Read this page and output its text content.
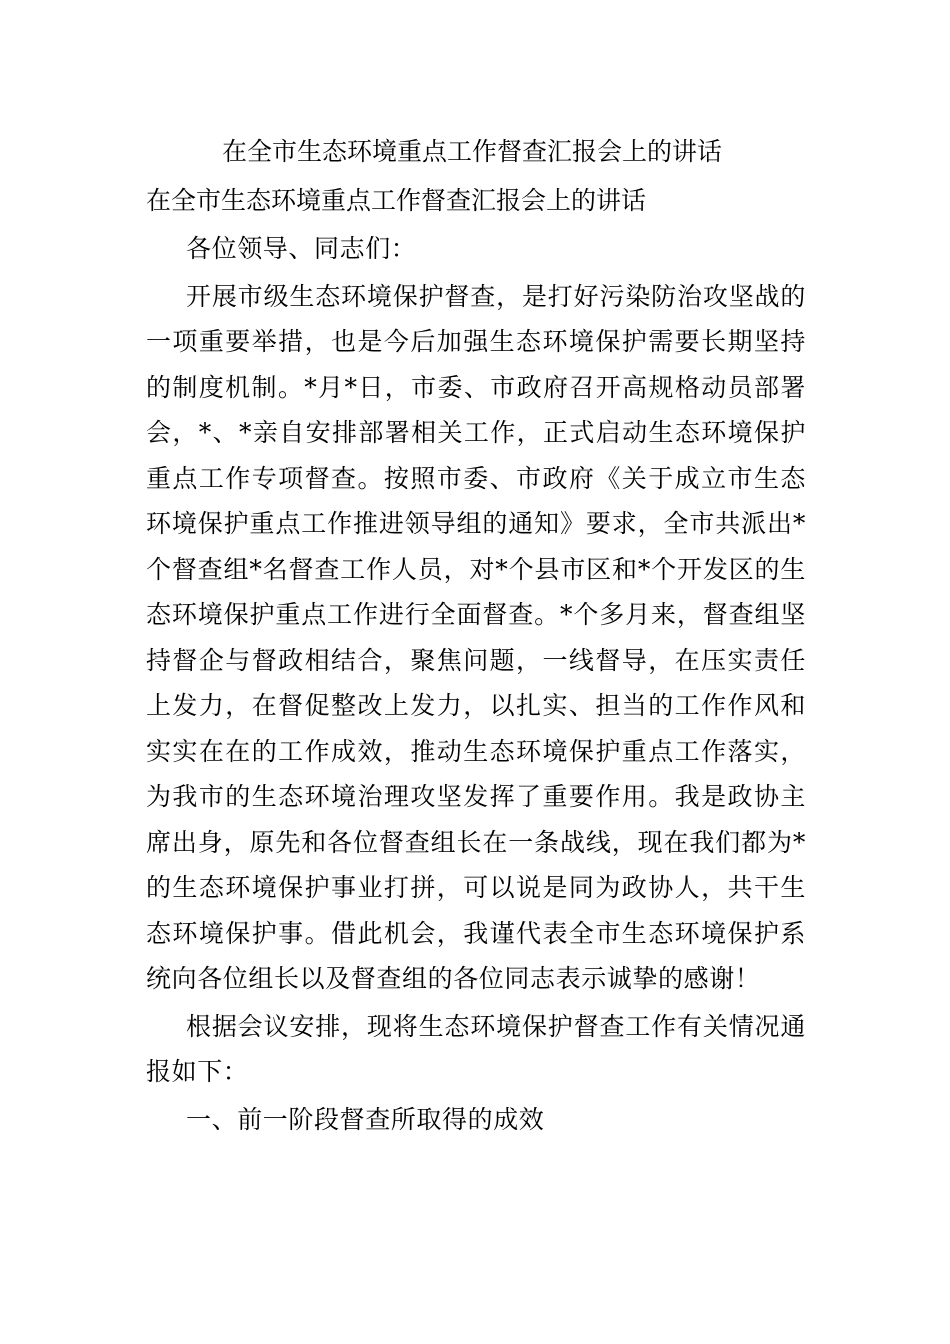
在全市生态环境重点工作督查汇报会上的讲话
在全市生态环境重点工作督查汇报会上的讲话

各位领导、同志们：

开展市级生态环境保护督查，是打好污染防治攻坚战的一项重要举措，也是今后加强生态环境保护需要长期坚持的制度机制。*月*日，市委、市政府召开高规格动员部署会，*、*亲自安排部署相关工作，正式启动生态环境保护重点工作专项督查。按照市委、市政府《关于成立市生态环境保护重点工作推进领导组的通知》要求，全市共派出*个督查组*名督查工作人员，对*个县市区和*个开发区的生态环境保护重点工作进行全面督查。*个多月来，督查组坚持督企与督政相结合，聚焦问题，一线督导，在压实责任上发力，在督促整改上发力，以扎实、担当的工作作风和实实在在的工作成效，推动生态环境保护重点工作落实，为我市的生态环境治理攻坚发挥了重要作用。我是政协主席出身，原先和各位督查组长在一条战线，现在我们都为*的生态环境保护事业打拼，可以说是同为政协人，共干生态环境保护事。借此机会，我谨代表全市生态环境保护系统向各位组长以及督查组的各位同志表示诚挚的感谢！

根据会议安排，现将生态环境保护督查工作有关情况通报如下：

一、前一阶段督查所取得的成效
